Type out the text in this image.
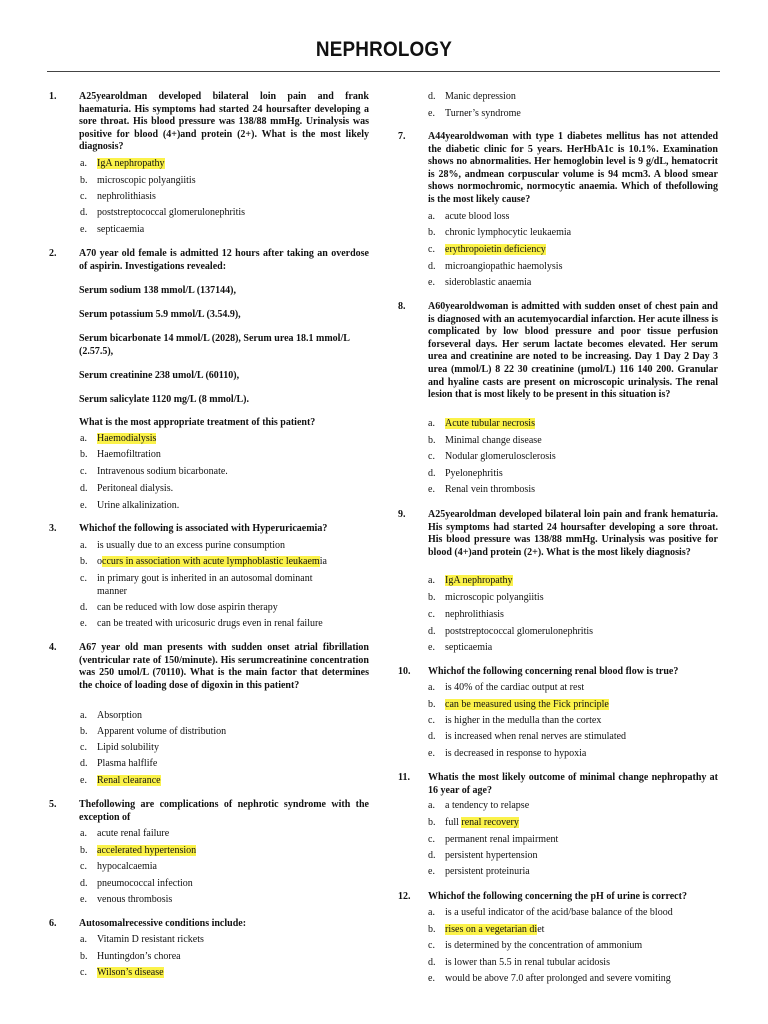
NEPHROLOGY
1. A25yearoldman developed bilateral loin pain and frank haematuria. His symptoms had started 24 hoursafter developing a sore throat. His blood pressure was 138/88 mmHg. Urinalysis was positive for blood (4+)and protein (2+). What is the most likely diagnosis?
a. IgA nephropathy
b. microscopic polyangiitis
c. nephrolithiasis
d. poststreptococcal glomerulonephritis
e. septicaemia
2. A70 year old female is admitted 12 hours after taking an overdose of aspirin. Investigations revealed:
Serum sodium 138 mmol/L (137144),
Serum potassium 5.9 mmol/L (3.54.9),
Serum bicarbonate 14 mmol/L (2028), Serum urea 18.1 mmol/L (2.57.5),
Serum creatinine 238 umol/L (60110),
Serum salicylate 1120 mg/L (8 mmol/L).
What is the most appropriate treatment of this patient?
a. Haemodialysis
b. Haemofiltration
c. Intravenous sodium bicarbonate.
d. Peritoneal dialysis.
e. Urine alkalinization.
3. Whichof the following is associated with Hyperuricaemia?
a. is usually due to an excess purine consumption
b. occurs in association with acute lymphoblastic leukaemia
c. in primary gout is inherited in an autosomal dominant
manner
d. can be reduced with low dose aspirin therapy
e. can be treated with uricosuric drugs even in renal failure
4. A67 year old man presents with sudden onset atrial fibrillation (ventricular rate of 150/minute). His serumcreatinine concentration was 250 umol/L (70110). What is the main factor that determines the choice of loading dose of digoxin in this patient?
a. Absorption
b. Apparent volume of distribution
c. Lipid solubility
d. Plasma halflife
e. Renal clearance
5. Thefollowing are complications of nephrotic syndrome with the exception of
a. acute renal failure
b. accelerated hypertension
c. hypocalcaemia
d. pneumococcal infection
e. venous thrombosis
6. Autosomalrecessive conditions include:
a. Vitamin D resistant rickets
b. Huntingdon’s chorea
c. Wilson’s disease
d. Manic depression
e. Turner’s syndrome
7. A44yearoldwoman with type 1 diabetes mellitus has not attended the diabetic clinic for 5 years. HerHbA1c is 10.1%. Examination shows no abnormalities. Her hemoglobin level is 9 g/dL, hematocrit is 28%, andmean corpuscular volume is 94 mcm3. A blood smear shows normochromic, normocytic anaemia. Which of thefollowing is the most likely cause?
a. acute blood loss
b. chronic lymphocytic leukaemia
c. erythropoietin deficiency
d. microangiopathic haemolysis
e. sideroblastic anaemia
8. A60yearoldwoman is admitted with sudden onset of chest pain and is diagnosed with an acutemyocardial infarction. Her acute illness is complicated by low blood pressure and poor tissue perfusion forseveral days. Her serum lactate becomes elevated. Her serum urea and creatinine are noted to be increasing. Day 1 Day 2 Day 3 urea (mmol/L) 8 22 30 creatinine (µmol/L) 116 140 200. Granular and hyaline casts are present on microscopic urinalysis. The renal lesion that is most likely to be present in this situation is?
a. Acute tubular necrosis
b. Minimal change disease
c. Nodular glomerulosclerosis
d. Pyelonephritis
e. Renal vein thrombosis
9. A25yearoldman developed bilateral loin pain and frank hematuria. His symptoms had started 24 hoursafter developing a sore throat. His blood pressure was 138/88 mmHg. Urinalysis was positive for blood (4+)and protein (2+). What is the most likely diagnosis?
a. IgA nephropathy
b. microscopic polyangiitis
c. nephrolithiasis
d. poststreptococcal glomerulonephritis
e. septicaemia
10. Whichof the following concerning renal blood flow is true?
a. is 40% of the cardiac output at rest
b. can be measured using the Fick principle
c. is higher in the medulla than the cortex
d. is increased when renal nerves are stimulated
e. is decreased in response to hypoxia
11. Whatis the most likely outcome of minimal change nephropathy at 16 year of age?
a. a tendency to relapse
b. full renal recovery
c. permanent renal impairment
d. persistent hypertension
e. persistent proteinuria
12. Whichof the following concerning the pH of urine is correct?
a. is a useful indicator of the acid/base balance of the blood
b. rises on a vegetarian diet
c. is determined by the concentration of ammonium
d. is lower than 5.5 in renal tubular acidosis
e. would be above 7.0 after prolonged and severe vomiting
